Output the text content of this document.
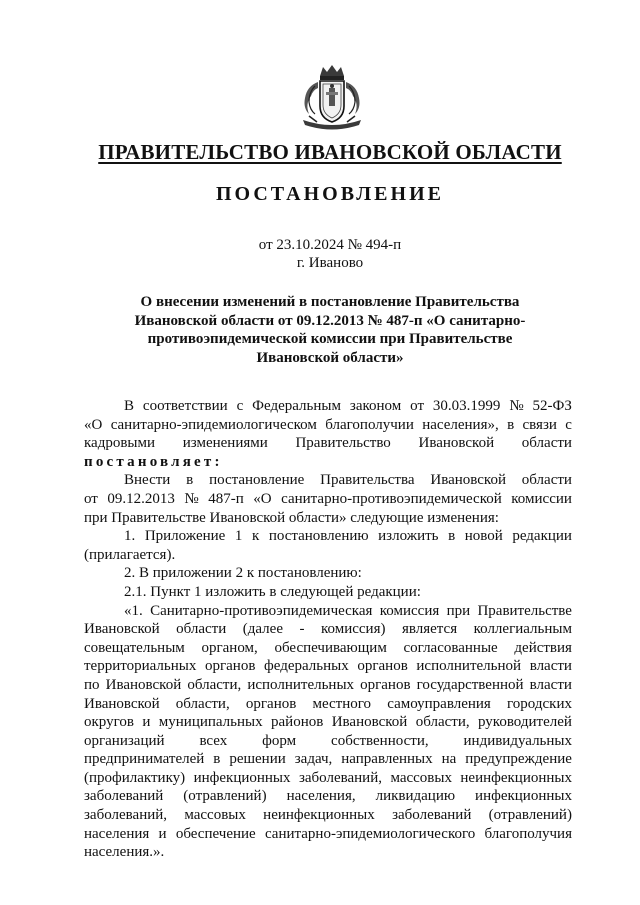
ПРАВИТЕЛЬСТВО ИВАНОВСКОЙ ОБЛАСТИ
ПОСТАНОВЛЕНИЕ
от 23.10.2024 № 494-п
г. Иваново
О внесении изменений в постановление Правительства
Ивановской области от 09.12.2013 № 487-п «О санитарно-
противоэпидемической комиссии при Правительстве
Ивановской области»
В соответствии с Федеральным законом от 30.03.1999 № 52-ФЗ
«О санитарно-эпидемиологическом благополучии населения», в связи с
кадровыми изменениями Правительство Ивановской области
постановляет:
Внести в постановление Правительства Ивановской области
от 09.12.2013 № 487-п «О санитарно-противоэпидемической комиссии
при Правительстве Ивановской области» следующие изменения:
1. Приложение 1 к постановлению изложить в новой редакции
(прилагается).
2. В приложении 2 к постановлению:
2.1. Пункт 1 изложить в следующей редакции:
«1. Санитарно-противоэпидемическая комиссия при Правительстве
Ивановской области (далее - комиссия) является коллегиальным
совещательным органом, обеспечивающим согласованные действия
территориальных органов федеральных органов исполнительной власти
по Ивановской области, исполнительных органов государственной власти
Ивановской области, органов местного самоуправления городских
округов и муниципальных районов Ивановской области, руководителей
организаций всех форм собственности, индивидуальных
предпринимателей в решении задач, направленных на предупреждение
(профилактику) инфекционных заболеваний, массовых неинфекционных
заболеваний (отравлений) населения, ликвидацию инфекционных
заболеваний, массовых неинфекционных заболеваний (отравлений)
населения и обеспечение санитарно-эпидемиологического благополучия
населения.».
